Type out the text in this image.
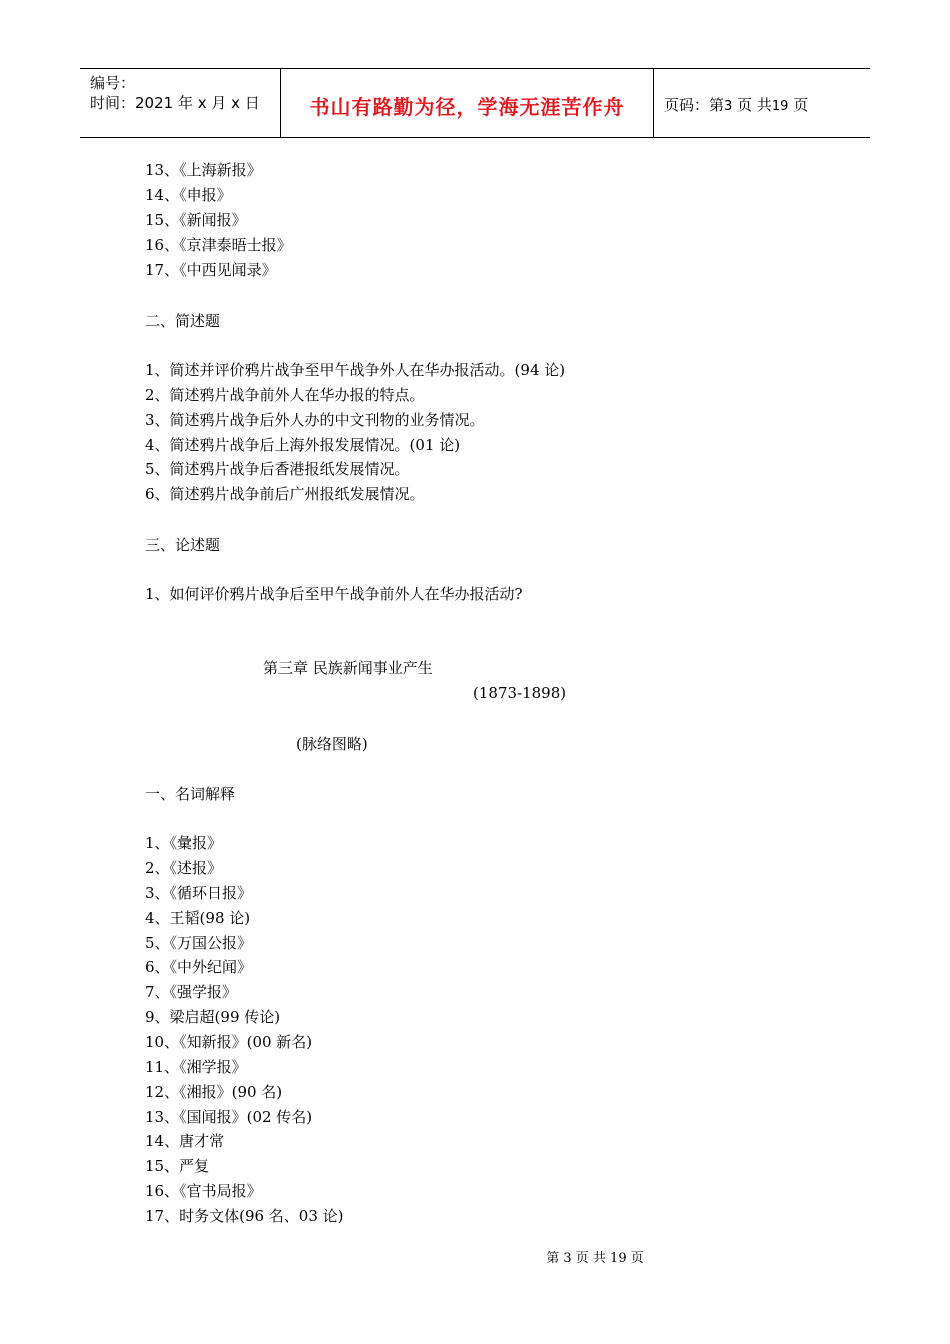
编号：
时间：2021 年 x 月 x 日	书山有路勤为径，学海无涯苦作舟	页码：第3 页 共19 页
13、《上海新报》
14、《申报》
15、《新闻报》
16、《京津泰晤士报》
17、《中西见闻录》
二、简述题
1、简述并评价鸦片战争至甲午战争外人在华办报活动。(94 论)
2、简述鸦片战争前外人在华办报的特点。
3、简述鸦片战争后外人办的中文刊物的业务情况。
4、简述鸦片战争后上海外报发展情况。(01 论)
5、简述鸦片战争后香港报纸发展情况。
6、简述鸦片战争前后广州报纸发展情况。
三、论述题
1、如何评价鸦片战争后至甲午战争前外人在华办报活动?
第三章 民族新闻事业产生
(1873-1898)
(脉络图略)
一、名词解释
1、《彙报》
2、《述报》
3、《循环日报》
4、王韬(98 论)
5、《万国公报》
6、《中外纪闻》
7、《强学报》
9、梁启超(99 传论)
10、《知新报》(00 新名)
11、《湘学报》
12、《湘报》(90 名)
13、《国闻报》(02 传名)
14、唐才常
15、严复
16、《官书局报》
17、时务文体(96 名、03 论)
第 3 页 共 19 页
